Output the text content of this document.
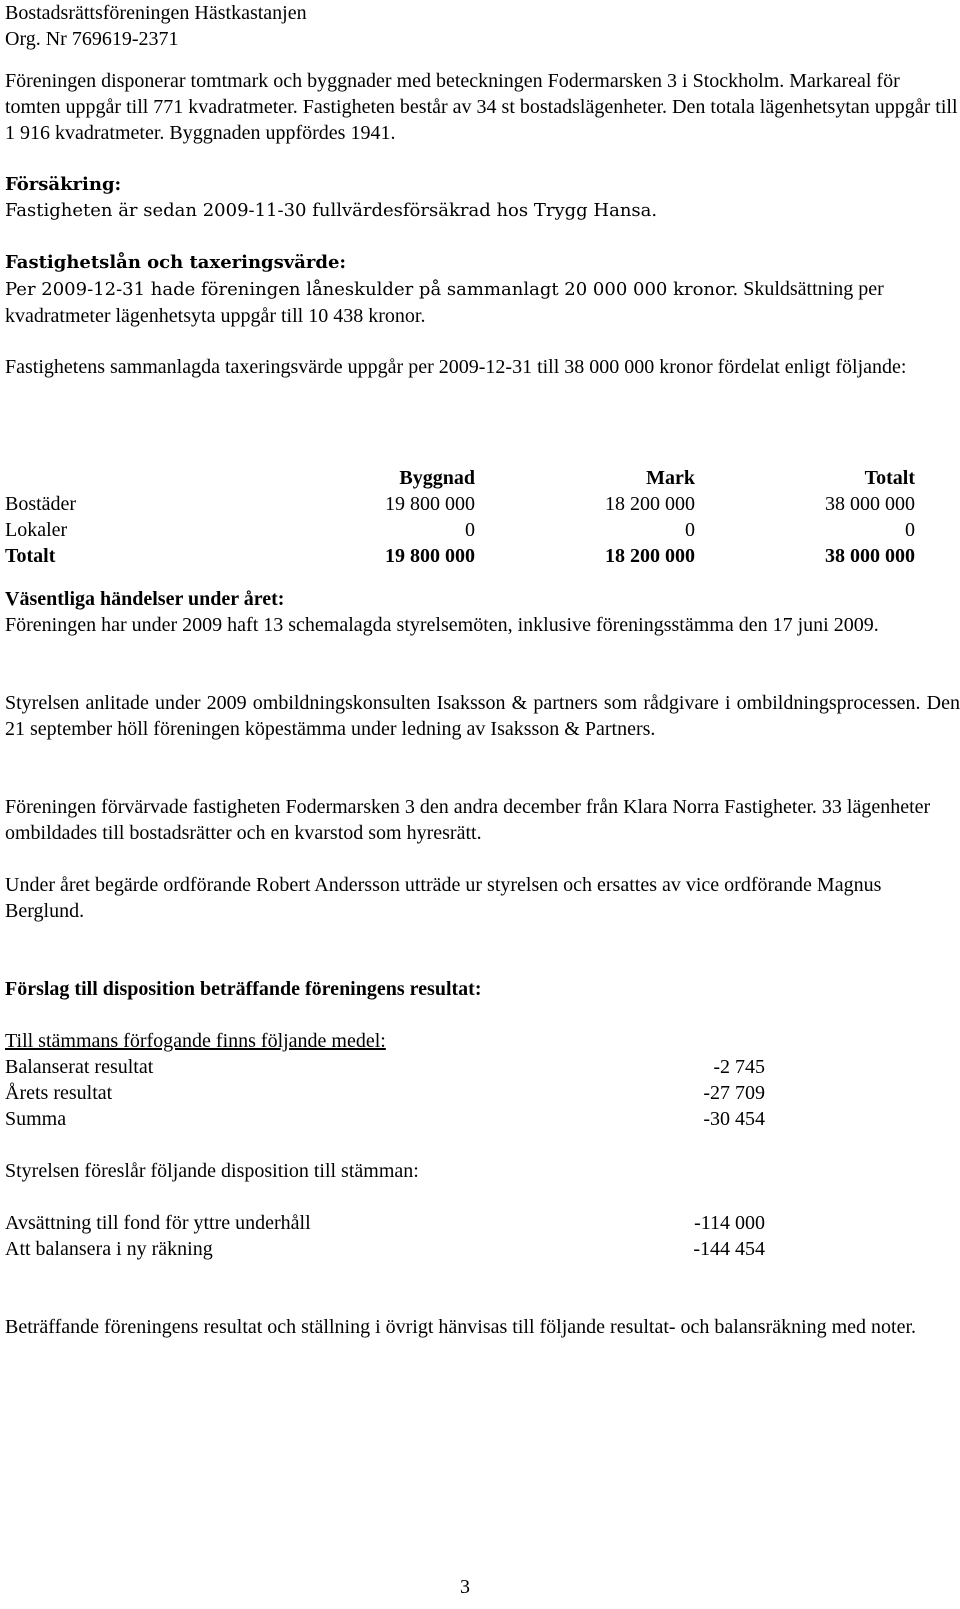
Bostadsrättsföreningen Hästkastanjen

Org. Nr 769619-2371

Föreningen disponerar tomtmark och byggnader med beteckningen Fodermarsken 3 i Stockholm. Markareal för tomten uppgår till 771 kvadratmeter. Fastigheten består av 34 st bostadslägenheter. Den totala lägenhetsytan uppgår till 1 916 kvadratmeter. Byggnaden uppfördes 1941.

Försäkring:

Fastigheten är sedan 2009-11-30 fullvärdesförsäkrad hos Trygg Hansa.

Fastighetslån och taxeringsvärde:

Per 2009-12-31 hade föreningen låneskulder på sammanlagt 20 000 000 kronor. Skuldsättning per kvadratmeter lägenhetsyta uppgår till 10 438 kronor.

Fastighetens sammanlagda taxeringsvärde uppgår per 2009-12-31 till 38 000 000 kronor fördelat enligt följande:

	Byggnad	Mark	Totalt
Bostäder	19 800 000	18 200 000	38 000 000
Lokaler	0	0	0
Totalt	19 800 000	18 200 000	38 000 000

Väsentliga händelser under året:

Föreningen har under 2009 haft 13 schemalagda styrelsemöten, inklusive föreningsstämma den 17 juni 2009.

Styrelsen anlitade under 2009 ombildningskonsulten Isaksson & partners som rådgivare i ombildningsprocessen. Den 21 september höll föreningen köpestämma under ledning av Isaksson & Partners.

Föreningen förvärvade fastigheten Fodermarsken 3 den andra december från Klara Norra Fastigheter. 33 lägenheter ombildades till bostadsrätter och en kvarstod som hyresrätt.

Under året begärde ordförande Robert Andersson utträde ur styrelsen och ersattes av vice ordförande Magnus Berglund.

Förslag till disposition beträffande föreningens resultat:

Till stämmans förfogande finns följande medel:

Balanserat resultat	-2 745
Årets resultat	-27 709
Summa	-30 454

Styrelsen föreslår följande disposition till stämman:

Avsättning till fond för yttre underhåll	-114 000
Att balansera i ny räkning	-144 454

Beträffande föreningens resultat och ställning i övrigt hänvisas till följande resultat- och balansräkning med noter.

3
